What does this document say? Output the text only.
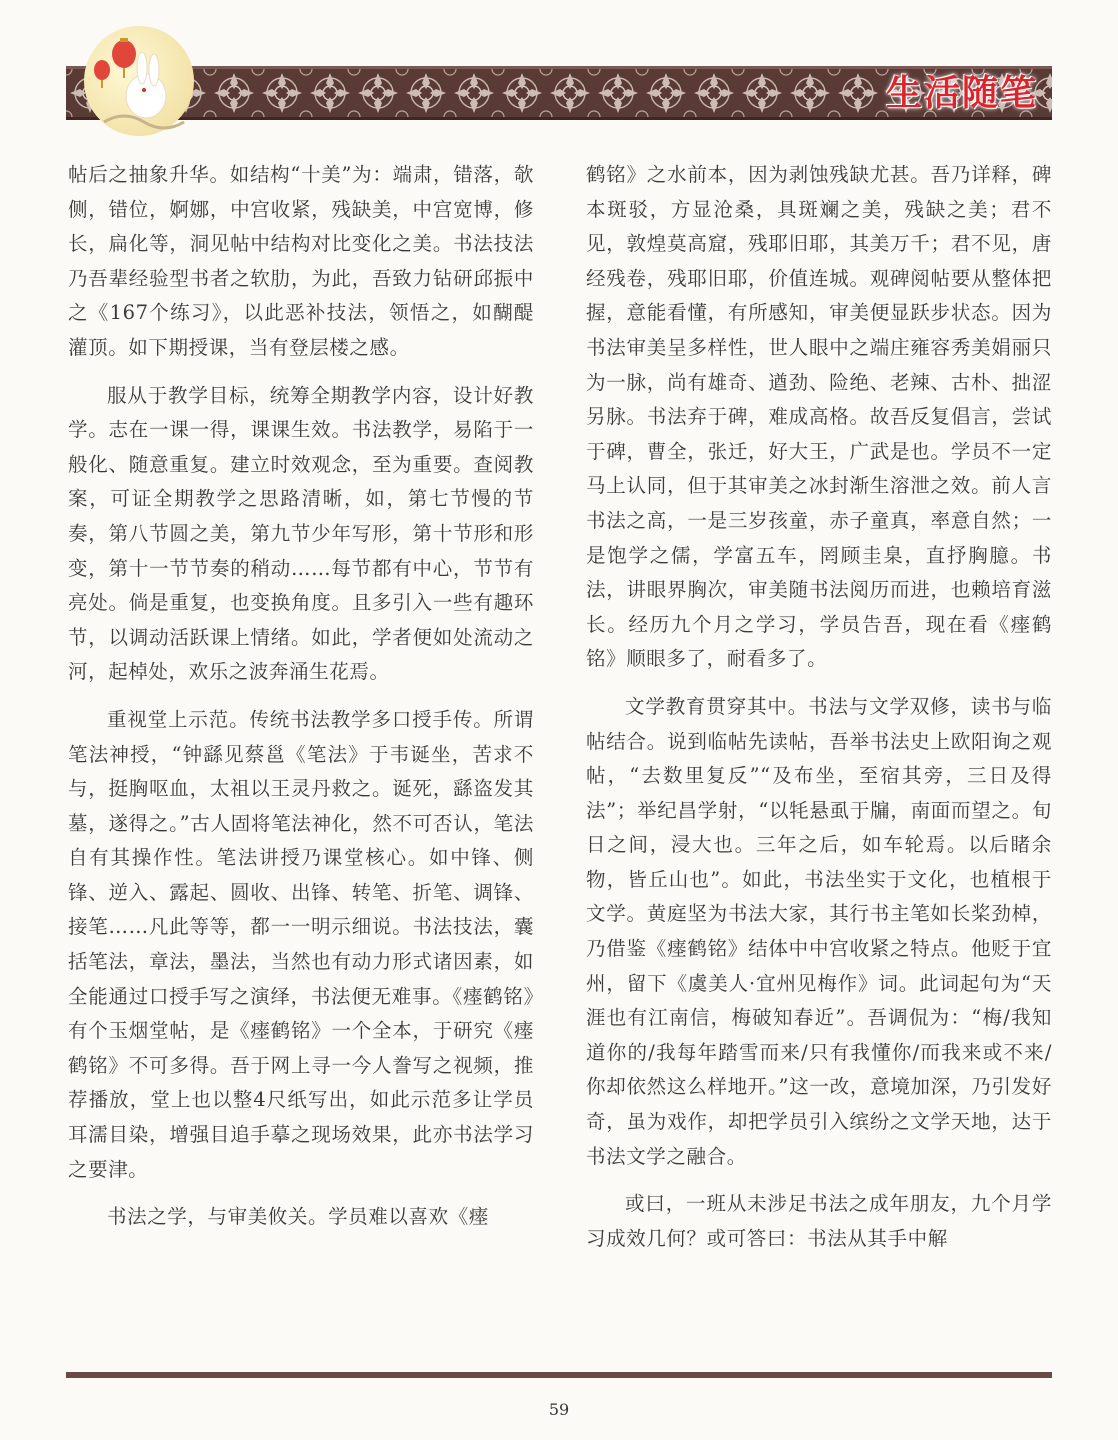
生活随笔

帖后之抽象升华。如结构“十美”为：端肃，错落，欹侧，错位，婀娜，中宫收紧，残缺美，中宫宽博，修长，扁化等，洞见帖中结构对比变化之美。书法技法乃吾辈经验型书者之软肋，为此，吾致力钻研邱振中之《167个练习》，以此恶补技法，领悟之，如醐醍灌顶。如下期授课，当有登层楼之感。

服从于教学目标，统筹全期教学内容，设计好教学。志在一课一得，课课生效。书法教学，易陷于一般化、随意重复。建立时效观念，至为重要。查阅教案，可证全期教学之思路清晰，如，第七节慢的节奏，第八节圆之美，第九节少年写形，第十节形和形变，第十一节节奏的稍动……每节都有中心，节节有亮处。倘是重复，也变换角度。且多引入一些有趣环节，以调动活跃课上情绪。如此，学者便如处流动之河，起棹处，欢乐之波奔涌生花焉。

重视堂上示范。传统书法教学多口授手传。所谓笔法神授，“钟繇见蔡邕《笔法》于韦诞坐，苦求不与，挺胸呕血，太祖以王灵丹救之。诞死，繇盗发其墓，遂得之。”古人固将笔法神化，然不可否认，笔法自有其操作性。笔法讲授乃课堂核心。如中锋、侧锋、逆入、露起、圆收、出锋、转笔、折笔、调锋、接笔……凡此等等，都一一明示细说。书法技法，囊括笔法，章法，墨法，当然也有动力形式诸因素，如全能通过口授手写之演绎，书法便无难事。《瘗鹤铭》有个玉烟堂帖，是《瘗鹤铭》一个全本，于研究《瘗鹤铭》不可多得。吾于网上寻一今人誊写之视频，推荐播放，堂上也以整4尺纸写出，如此示范多让学员耳濡目染，增强目追手摹之现场效果，此亦书法学习之要津。

书法之学，与审美攸关。学员难以喜欢《瘗

鹤铭》之水前本，因为剥蚀残缺尤甚。吾乃详释，碑本斑驳，方显沧桑，具斑斓之美，残缺之美；君不见，敦煌莫高窟，残耶旧耶，其美万千；君不见，唐经残卷，残耶旧耶，价值连城。观碑阅帖要从整体把握，意能看懂，有所感知，审美便显跃步状态。因为书法审美呈多样性，世人眼中之端庄雍容秀美娟丽只为一脉，尚有雄奇、遒劲、险绝、老辣、古朴、拙涩另脉。书法弃于碑，难成高格。故吾反复倡言，尝试于碑，曹全，张迁，好大王，广武是也。学员不一定马上认同，但于其审美之冰封渐生溶泄之效。前人言书法之高，一是三岁孩童，赤子童真，率意自然；一是饱学之儒，学富五车，罔顾圭臬，直抒胸臆。书法，讲眼界胸次，审美随书法阅历而进，也赖培育滋长。经历九个月之学习，学员告吾，现在看《瘗鹤铭》顺眼多了，耐看多了。

文学教育贯穿其中。书法与文学双修，读书与临帖结合。说到临帖先读帖，吾举书法史上欧阳询之观帖，“去数里复反”“及布坐，至宿其旁，三日及得法”；举纪昌学射，“以牦悬虱于牖，南面而望之。旬日之间，浸大也。三年之后，如车轮焉。以后睹余物，皆丘山也”。如此，书法坐实于文化，也植根于文学。黄庭坚为书法大家，其行书主笔如长桨劲棹，乃借鉴《瘗鹤铭》结体中中宫收紧之特点。他贬于宜州，留下《虞美人·宜州见梅作》词。此词起句为“天涯也有江南信，梅破知春近”。吾调侃为：“梅/我知道你的/我每年踏雪而来/只有我懂你/而我来或不来/你却依然这么样地开。”这一改，意境加深，乃引发好奇，虽为戏作，却把学员引入缤纷之文学天地，达于书法文学之融合。

或曰，一班从未涉足书法之成年朋友，九个月学习成效几何？或可答曰：书法从其手中解

59
